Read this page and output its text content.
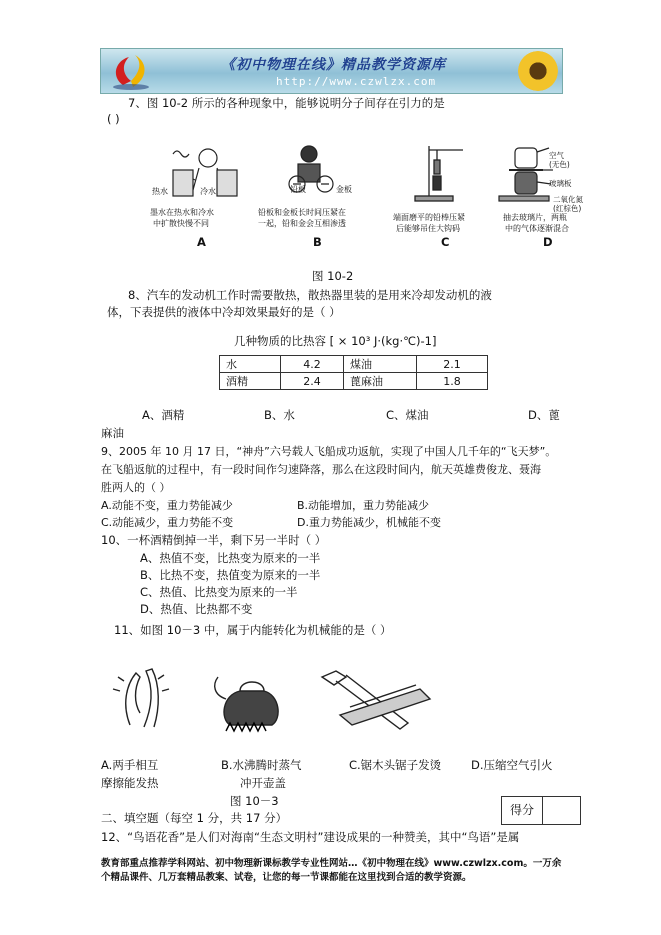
《初中物理在线》精品教学资源库
http://www.czwlzx.com
7、图 10-2 所示的各种现象中，能够说明分子间存在引力的是
( )
热水	冷水
墨水在热水和冷水
中扩散快慢不同
铅板	金板
铅板和金板长时间压紧在
一起，铅和金会互相渗透
端面磨平的铅棒压紧
后能够吊住大钩码
空气
(无色)
玻璃板
二氧化氮
(红棕色)
抽去玻璃片，两瓶
中的气体逐渐混合
A	B	C	D
图 10-2
8、汽车的发动机工作时需要散热，散热器里装的是用来冷却发动机的液
体，下表提供的液体中冷却效果最好的是（ ）
几种物质的比热容 [ × 10³ J·(kg·℃)-1]
水	4.2	煤油	2.1
酒精	2.4	蓖麻油	1.8
A、酒精	B、水	C、煤油	D、蓖
麻油
9、2005 年 10 月 17 日，“神舟”六号载人飞船成功返航，实现了中国人几千年的“飞天梦”。
在飞船返航的过程中，有一段时间作匀速降落，那么在这段时间内，航天英雄费俊龙、聂海
胜两人的（ ）
A.动能不变，重力势能减少	B.动能增加，重力势能减少
C.动能减少，重力势能不变	D.重力势能减少，机械能不变
10、一杯酒精倒掉一半，剩下另一半时（ ）
A、热值不变，比热变为原来的一半
B、比热不变，热值变为原来的一半
C、热值、比热变为原来的一半
D、热值、比热都不变
11、如图 10－3 中，属于内能转化为机械能的是（ ）
A.两手相互
摩擦能发热
B.水沸腾时蒸气
冲开壶盖
C.锯木头锯子发烫	D.压缩空气引火
图 10－3
二、填空题（每空 1 分，共 17 分）
得分
12、“鸟语花香”是人们对海南“生态文明村”建设成果的一种赞美，其中“鸟语”是属
教育部重点推荐学科网站、初中物理新课标教学专业性网站…《初中物理在线》www.czwlzx.com。一万余
个精品课件、几万套精品教案、试卷，让您的每一节课都能在这里找到合适的教学资源。
